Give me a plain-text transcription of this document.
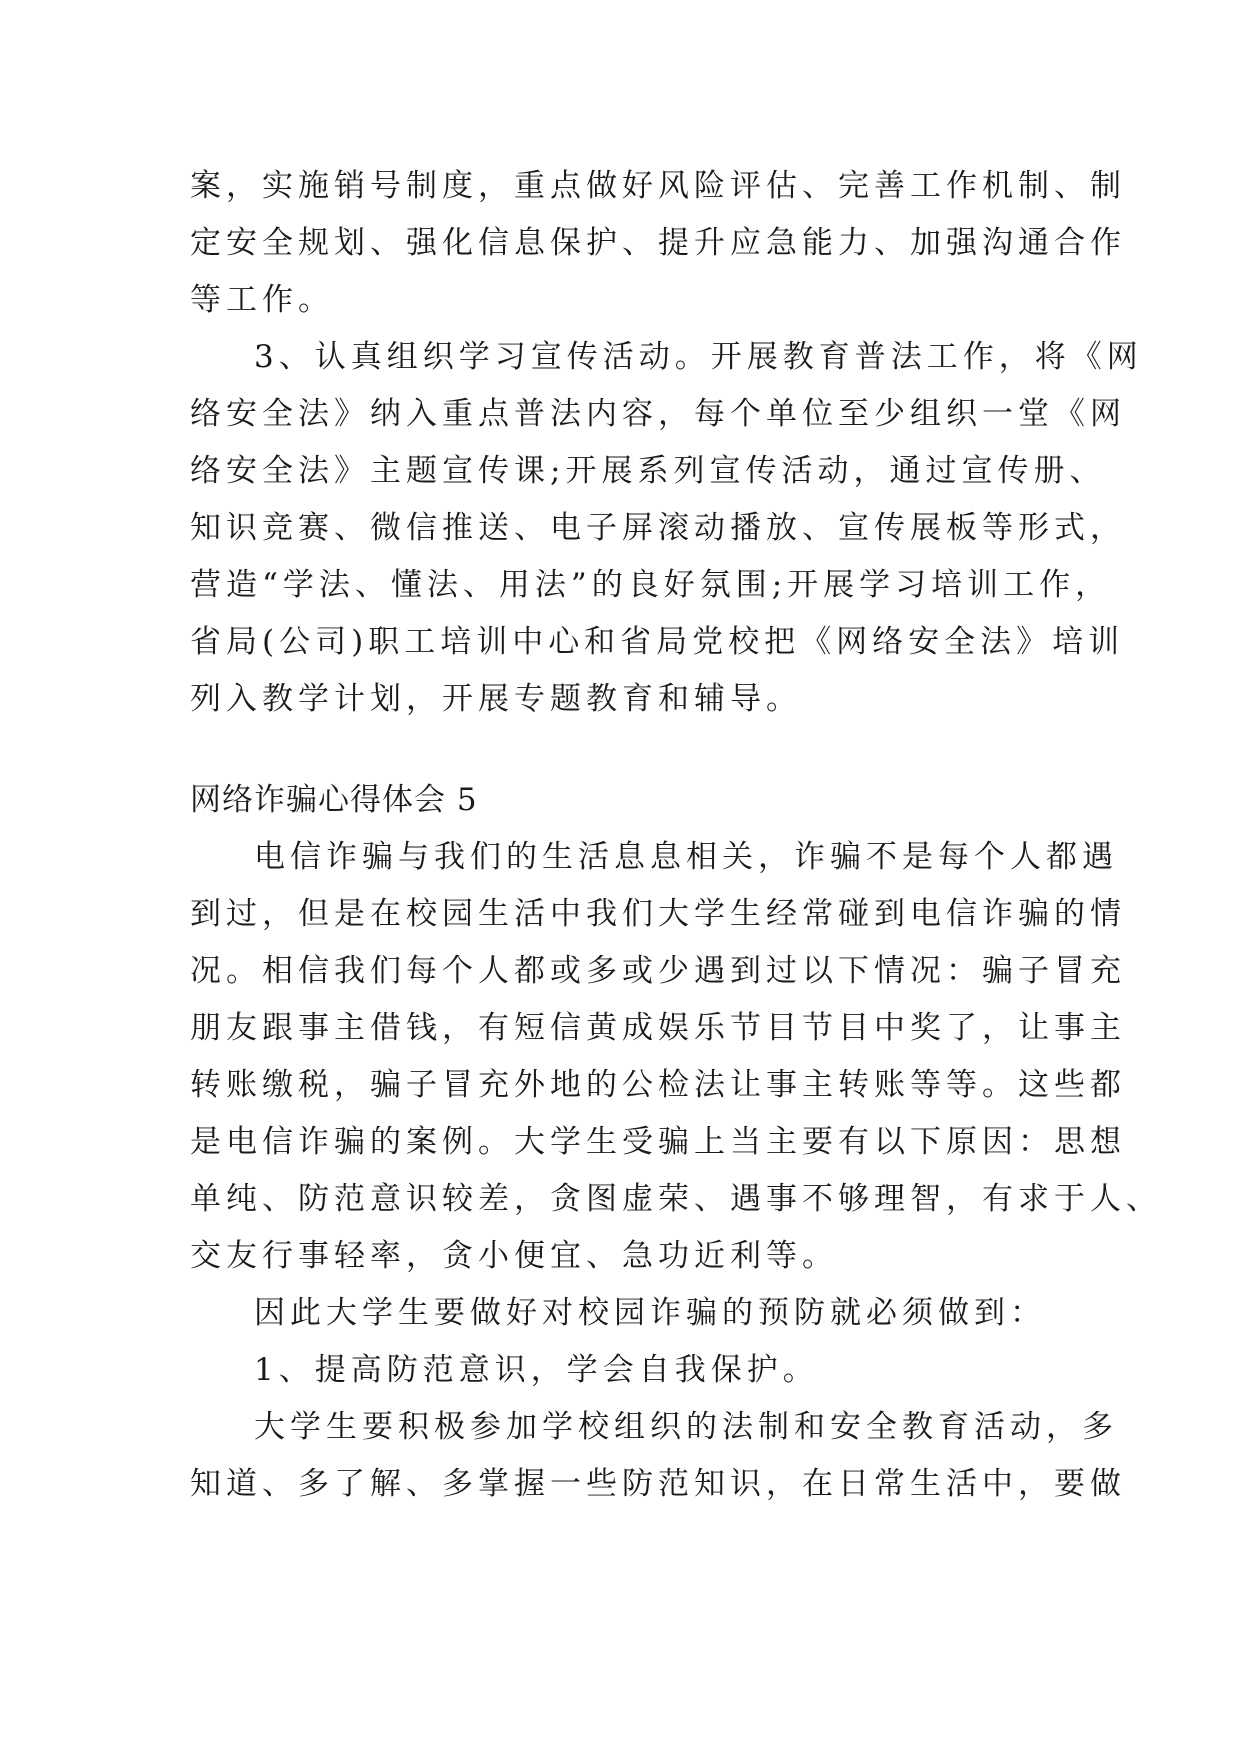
案，实施销号制度，重点做好风险评估、完善工作机制、制
定安全规划、强化信息保护、提升应急能力、加强沟通合作
等工作。
3、认真组织学习宣传活动。开展教育普法工作，将《网
络安全法》纳入重点普法内容，每个单位至少组织一堂《网
络安全法》主题宣传课;开展系列宣传活动，通过宣传册、
知识竞赛、微信推送、电子屏滚动播放、宣传展板等形式，
营造“学法、懂法、用法”的良好氛围;开展学习培训工作，
省局(公司)职工培训中心和省局党校把《网络安全法》培训
列入教学计划，开展专题教育和辅导。
网络诈骗心得体会 5
电信诈骗与我们的生活息息相关，诈骗不是每个人都遇
到过，但是在校园生活中我们大学生经常碰到电信诈骗的情
况。相信我们每个人都或多或少遇到过以下情况：骗子冒充
朋友跟事主借钱，有短信黄成娱乐节目节目中奖了，让事主
转账缴税，骗子冒充外地的公检法让事主转账等等。这些都
是电信诈骗的案例。大学生受骗上当主要有以下原因：思想
单纯、防范意识较差，贪图虚荣、遇事不够理智，有求于人、
交友行事轻率，贪小便宜、急功近利等。
因此大学生要做好对校园诈骗的预防就必须做到：
1、提高防范意识，学会自我保护。
大学生要积极参加学校组织的法制和安全教育活动，多
知道、多了解、多掌握一些防范知识，在日常生活中，要做
